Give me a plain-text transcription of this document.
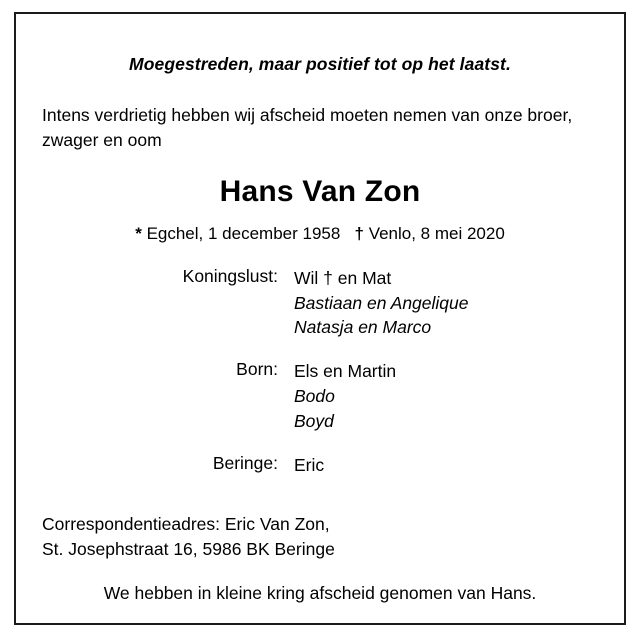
Moegestreden, maar positief tot op het laatst.
Intens verdrietig hebben wij afscheid moeten nemen van onze broer, zwager en oom
Hans Van Zon
* Egchel, 1 december 1958 † Venlo, 8 mei 2020
Koningslust: Wil † en Mat
Bastiaan en Angelique
Natasja en Marco
Born: Els en Martin
Bodo
Boyd
Beringe: Eric
Correspondentieadres: Eric Van Zon,
St. Josephstraat 16, 5986 BK Beringe
We hebben in kleine kring afscheid genomen van Hans.
